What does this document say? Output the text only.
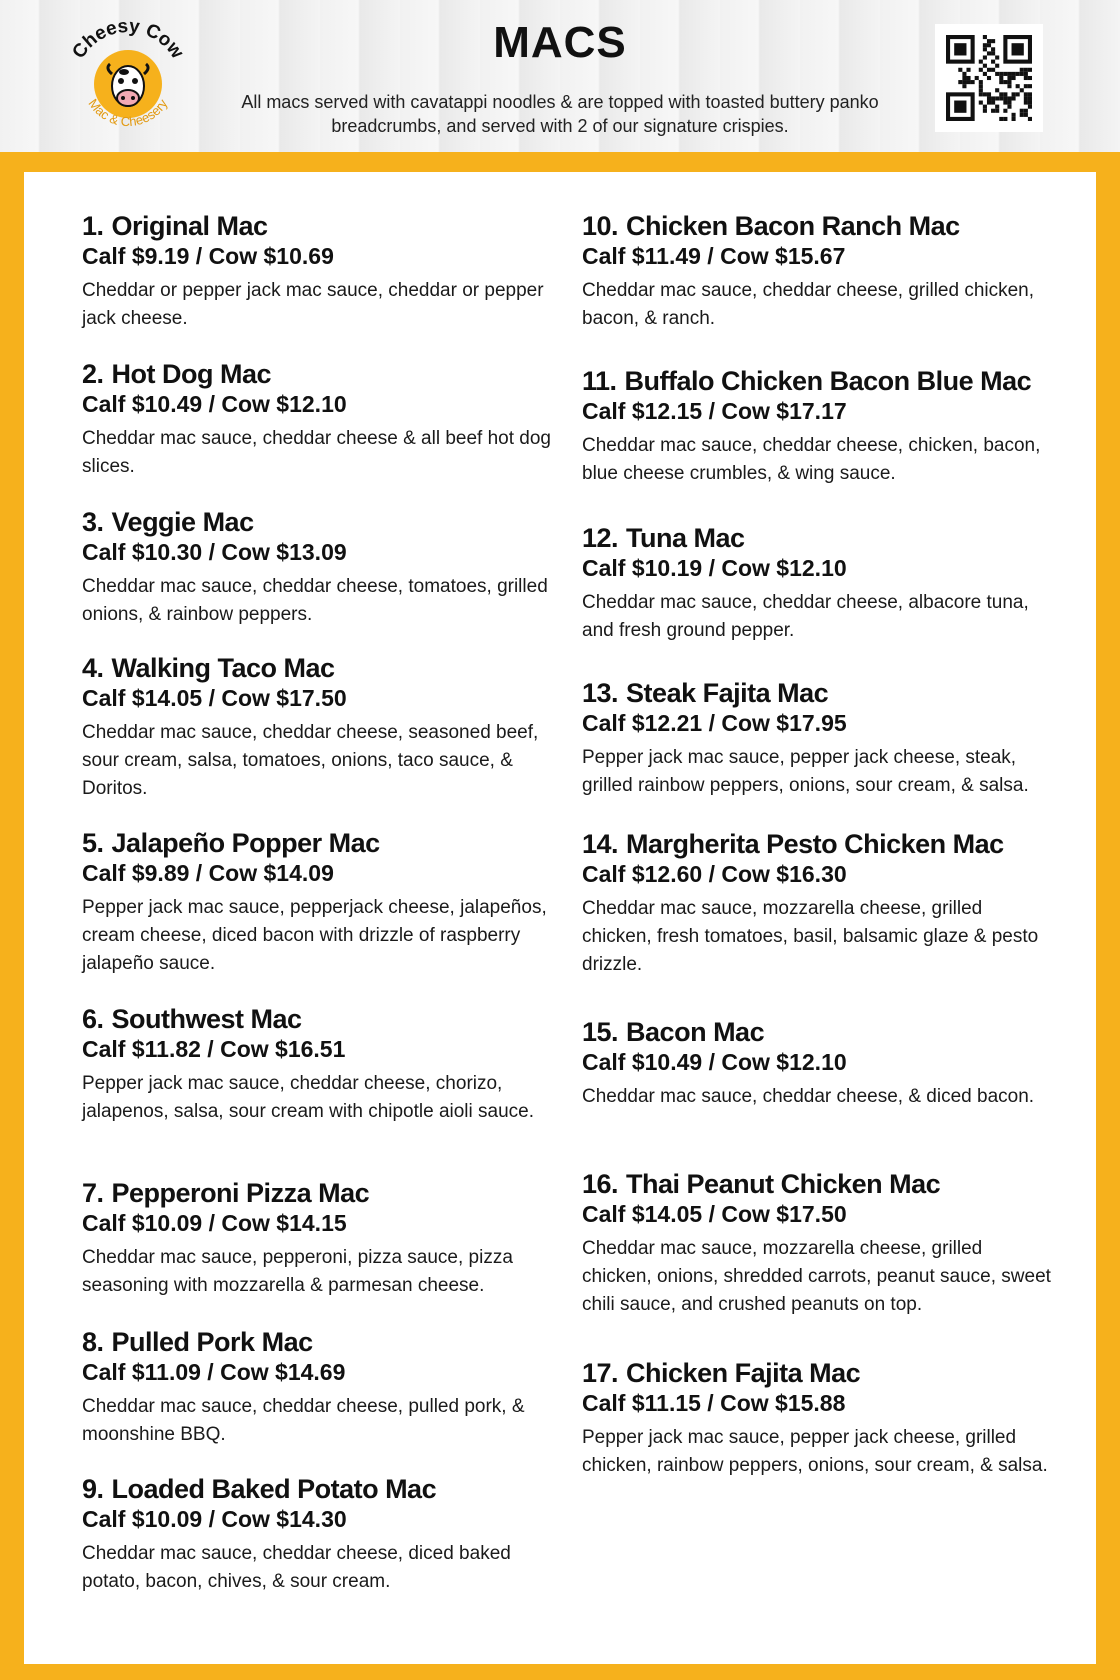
Cheesy Cow
Mac & Cheesery
MACS
All macs served with cavatappi noodles & are topped with toasted buttery panko breadcrumbs, and served with 2 of our signature crispies.
1. Original Mac
Calf $9.19 / Cow $10.69
Cheddar or pepper jack mac sauce, cheddar or pepper jack cheese.
2. Hot Dog Mac
Calf $10.49 / Cow $12.10
Cheddar mac sauce, cheddar cheese & all beef hot dog slices.
3. Veggie Mac
Calf $10.30 / Cow $13.09
Cheddar mac sauce, cheddar cheese, tomatoes, grilled onions, & rainbow peppers.
4. Walking Taco Mac
Calf $14.05 / Cow $17.50
Cheddar mac sauce, cheddar cheese, seasoned beef, sour cream, salsa, tomatoes, onions, taco sauce, & Doritos.
5. Jalapeño Popper Mac
Calf $9.89 / Cow $14.09
Pepper jack mac sauce, pepperjack cheese, jalapeños, cream cheese, diced bacon with drizzle of raspberry jalapeño sauce.
6. Southwest Mac
Calf $11.82 / Cow $16.51
Pepper jack mac sauce, cheddar cheese, chorizo, jalapenos, salsa, sour cream with chipotle aioli sauce.
7. Pepperoni Pizza Mac
Calf $10.09 / Cow $14.15
Cheddar mac sauce, pepperoni, pizza sauce, pizza seasoning with mozzarella & parmesan cheese.
8. Pulled Pork Mac
Calf $11.09 / Cow $14.69
Cheddar mac sauce, cheddar cheese, pulled pork, & moonshine BBQ.
9. Loaded Baked Potato Mac
Calf $10.09 / Cow $14.30
Cheddar mac sauce, cheddar cheese, diced baked potato, bacon, chives, & sour cream.
10. Chicken Bacon Ranch Mac
Calf $11.49 / Cow $15.67
Cheddar mac sauce, cheddar cheese, grilled chicken, bacon, & ranch.
11. Buffalo Chicken Bacon Blue Mac
Calf $12.15 / Cow $17.17
Cheddar mac sauce, cheddar cheese, chicken, bacon, blue cheese crumbles, & wing sauce.
12. Tuna Mac
Calf $10.19 / Cow $12.10
Cheddar mac sauce, cheddar cheese, albacore tuna, and fresh ground pepper.
13. Steak Fajita Mac
Calf $12.21 / Cow $17.95
Pepper jack mac sauce, pepper jack cheese, steak, grilled rainbow peppers, onions, sour cream, & salsa.
14. Margherita Pesto Chicken Mac
Calf $12.60 / Cow $16.30
Cheddar mac sauce, mozzarella cheese, grilled chicken, fresh tomatoes, basil, balsamic glaze & pesto drizzle.
15. Bacon Mac
Calf $10.49 / Cow $12.10
Cheddar mac sauce, cheddar cheese, & diced bacon.
16. Thai Peanut Chicken Mac
Calf $14.05 / Cow $17.50
Cheddar mac sauce, mozzarella cheese, grilled chicken, onions, shredded carrots, peanut sauce, sweet chili sauce, and crushed peanuts on top.
17. Chicken Fajita Mac
Calf $11.15 / Cow $15.88
Pepper jack mac sauce, pepper jack cheese, grilled chicken, rainbow peppers, onions, sour cream, & salsa.
